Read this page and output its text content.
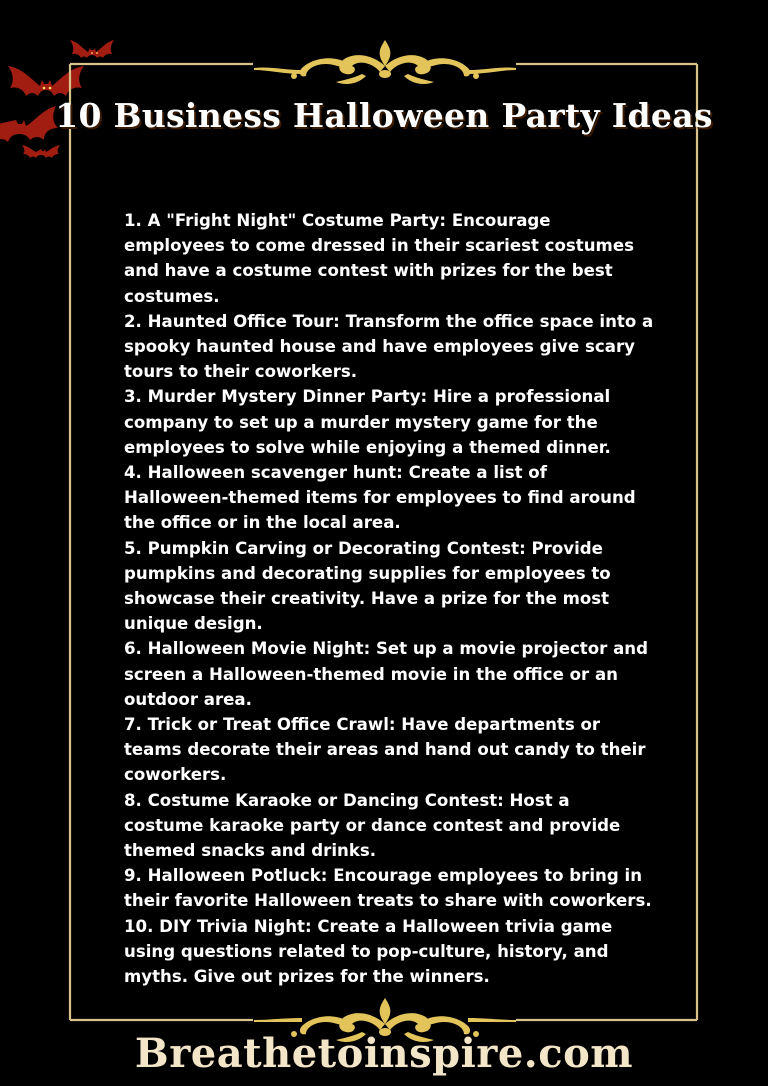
10 Business Halloween Party Ideas
1. A "Fright Night" Costume Party: Encourage employees to come dressed in their scariest costumes and have a costume contest with prizes for the best costumes.
2. Haunted Office Tour: Transform the office space into a spooky haunted house and have employees give scary tours to their coworkers.
3. Murder Mystery Dinner Party: Hire a professional company to set up a murder mystery game for the employees to solve while enjoying a themed dinner.
4. Halloween scavenger hunt: Create a list of Halloween-themed items for employees to find around the office or in the local area.
5. Pumpkin Carving or Decorating Contest: Provide pumpkins and decorating supplies for employees to showcase their creativity. Have a prize for the most unique design.
6. Halloween Movie Night: Set up a movie projector and screen a Halloween-themed movie in the office or an outdoor area.
7. Trick or Treat Office Crawl: Have departments or teams decorate their areas and hand out candy to their coworkers.
8. Costume Karaoke or Dancing Contest: Host a costume karaoke party or dance contest and provide themed snacks and drinks.
9. Halloween Potluck: Encourage employees to bring in their favorite Halloween treats to share with coworkers.
10. DIY Trivia Night: Create a Halloween trivia game using questions related to pop-culture, history, and myths. Give out prizes for the winners.
Breathetoinspire.com
